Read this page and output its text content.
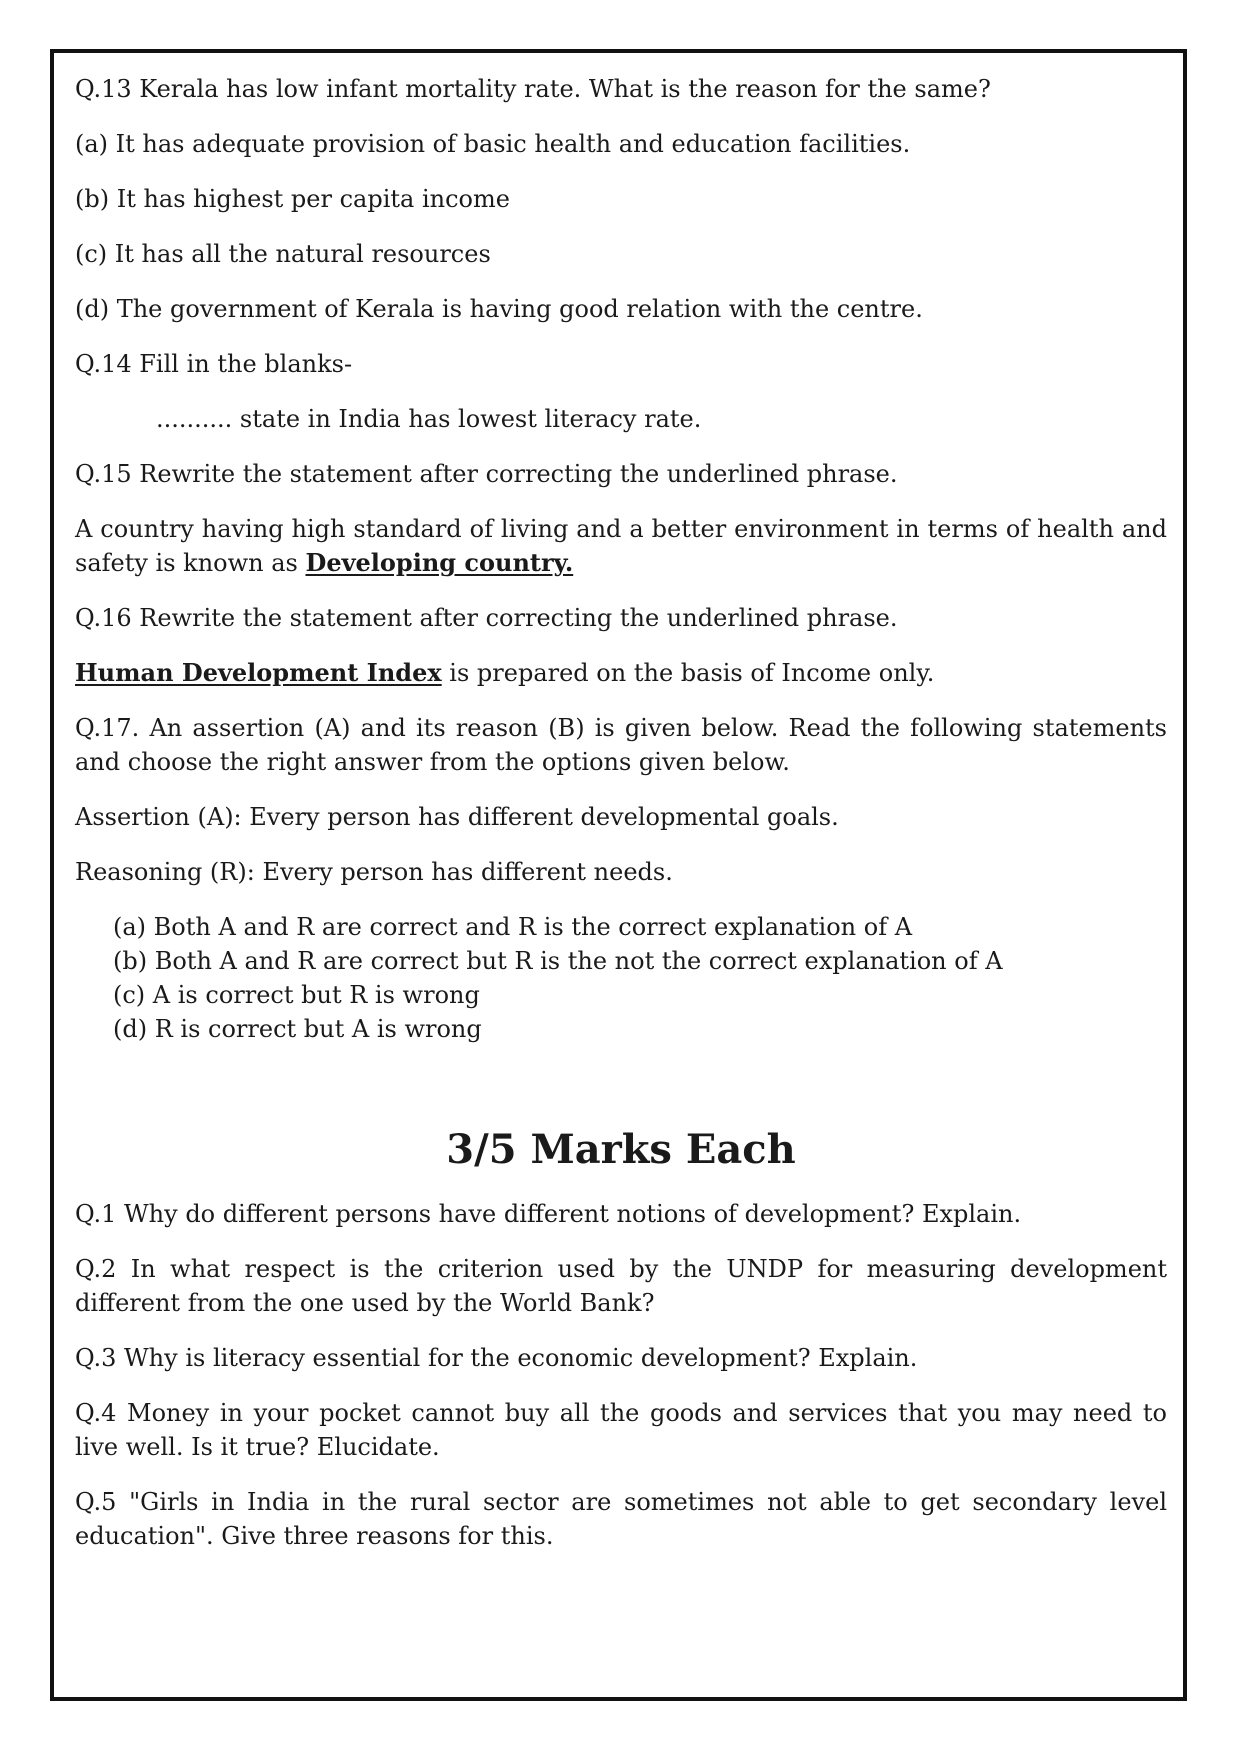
Q.13 Kerala has low infant mortality rate. What is the reason for the same?

(a) It has adequate provision of basic health and education facilities.

(b) It has highest per capita income

(c) It has all the natural resources

(d) The government of Kerala is having good relation with the centre.

Q.14 Fill in the blanks-

.......... state in India has lowest literacy rate.

Q.15 Rewrite the statement after correcting the underlined phrase.

A country having high standard of living and a better environment in terms of health and safety is known as Developing country.

Q.16 Rewrite the statement after correcting the underlined phrase.

Human Development Index is prepared on the basis of Income only.

Q.17. An assertion (A) and its reason (B) is given below. Read the following statements and choose the right answer from the options given below.

Assertion (A): Every person has different developmental goals.

Reasoning (R): Every person has different needs.

(a) Both A and R are correct and R is the correct explanation of A

(b) Both A and R are correct but R is the not the correct explanation of A

(c) A is correct but R is wrong

(d) R is correct but A is wrong

3/5 Marks Each

Q.1 Why do different persons have different notions of development? Explain.

Q.2 In what respect is the criterion used by the UNDP for measuring development different from the one used by the World Bank?

Q.3 Why is literacy essential for the economic development? Explain.

Q.4 Money in your pocket cannot buy all the goods and services that you may need to live well. Is it true? Elucidate.

Q.5 "Girls in India in the rural sector are sometimes not able to get secondary level education". Give three reasons for this.
